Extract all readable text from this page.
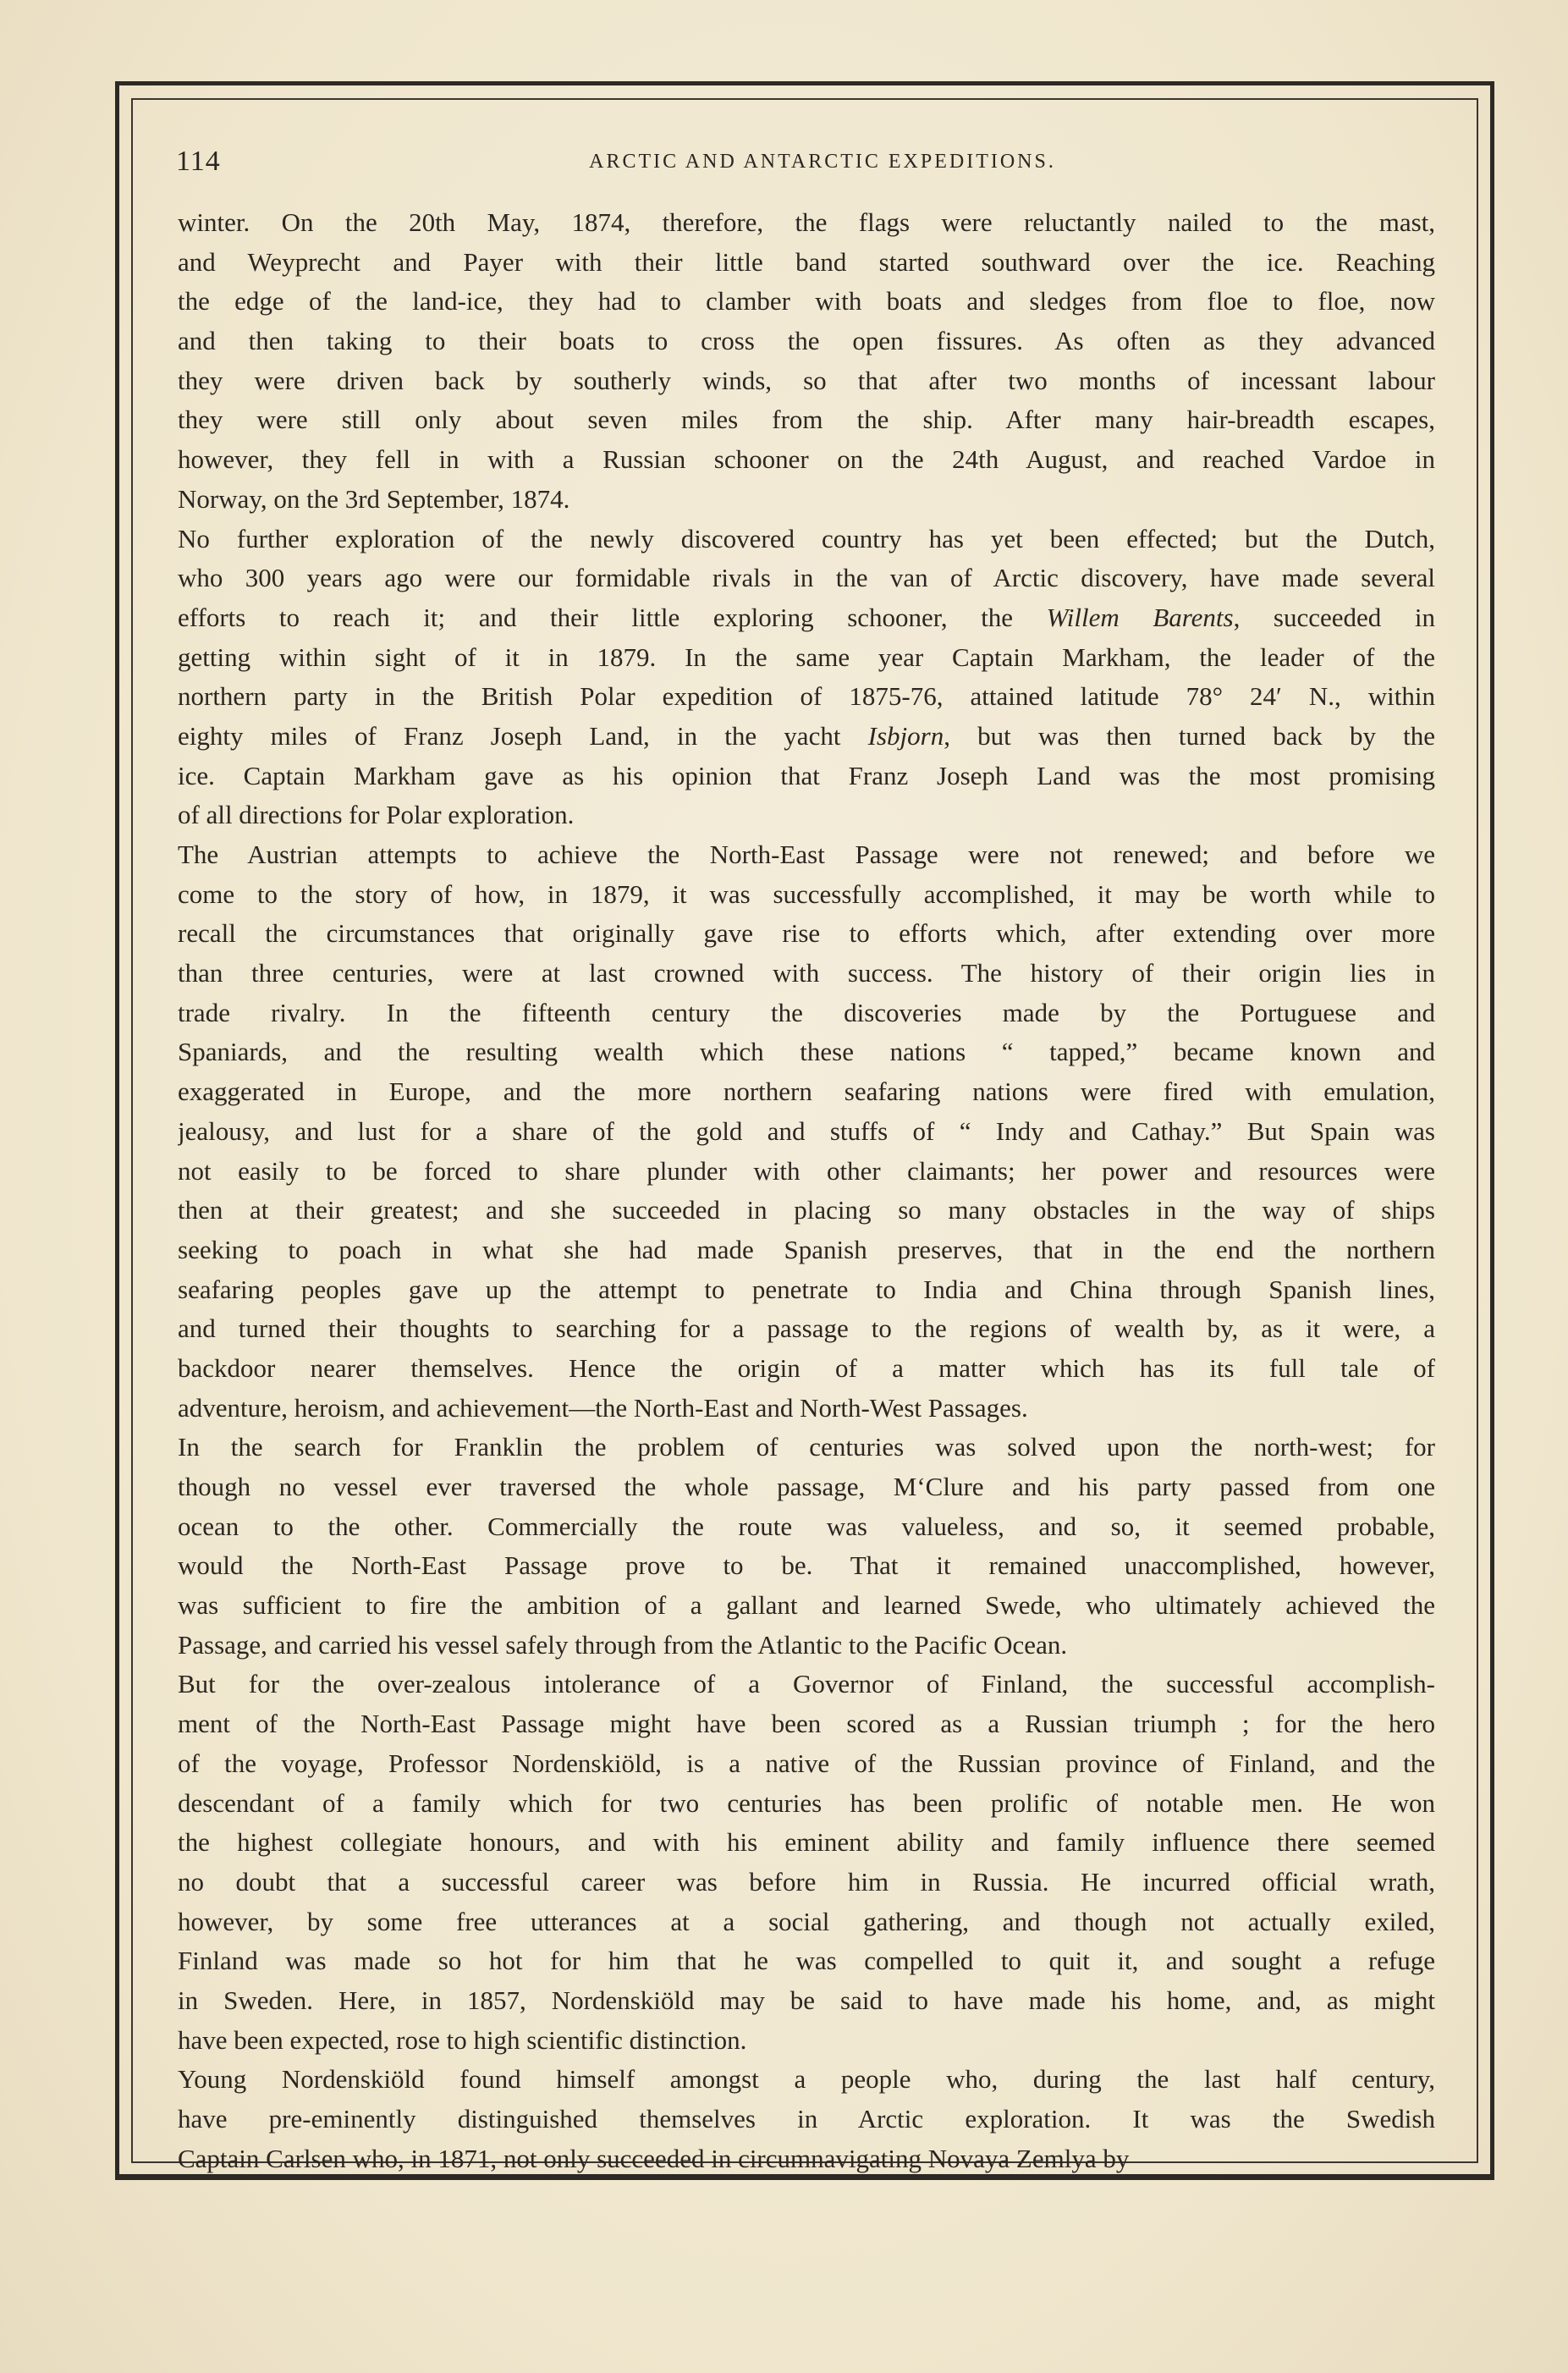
114	ARCTIC AND ANTARCTIC EXPEDITIONS.
winter. On the 20th May, 1874, therefore, the flags were reluctantly nailed to the mast,
and Weyprecht and Payer with their little band started southward over the ice. Reaching
the edge of the land-ice, they had to clamber with boats and sledges from floe to floe, now
and then taking to their boats to cross the open fissures. As often as they advanced
they were driven back by southerly winds, so that after two months of incessant labour
they were still only about seven miles from the ship. After many hair-breadth escapes,
however, they fell in with a Russian schooner on the 24th August, and reached Vardoe in
Norway, on the 3rd September, 1874.
No further exploration of the newly discovered country has yet been effected; but the Dutch,
who 300 years ago were our formidable rivals in the van of Arctic discovery, have made several
efforts to reach it; and their little exploring schooner, the Willem Barents, succeeded in
getting within sight of it in 1879. In the same year Captain Markham, the leader of the
northern party in the British Polar expedition of 1875-76, attained latitude 78° 24′ N., within
eighty miles of Franz Joseph Land, in the yacht Isbjorn, but was then turned back by the
ice. Captain Markham gave as his opinion that Franz Joseph Land was the most promising
of all directions for Polar exploration.
The Austrian attempts to achieve the North-East Passage were not renewed; and before we
come to the story of how, in 1879, it was successfully accomplished, it may be worth while to
recall the circumstances that originally gave rise to efforts which, after extending over more
than three centuries, were at last crowned with success. The history of their origin lies in
trade rivalry. In the fifteenth century the discoveries made by the Portuguese and
Spaniards, and the resulting wealth which these nations “ tapped,” became known and
exaggerated in Europe, and the more northern seafaring nations were fired with emulation,
jealousy, and lust for a share of the gold and stuffs of “ Indy and Cathay.” But Spain was
not easily to be forced to share plunder with other claimants; her power and resources were
then at their greatest; and she succeeded in placing so many obstacles in the way of ships
seeking to poach in what she had made Spanish preserves, that in the end the northern
seafaring peoples gave up the attempt to penetrate to India and China through Spanish lines,
and turned their thoughts to searching for a passage to the regions of wealth by, as it were, a
backdoor nearer themselves. Hence the origin of a matter which has its full tale of
adventure, heroism, and achievement—the North-East and North-West Passages.
In the search for Franklin the problem of centuries was solved upon the north-west; for
though no vessel ever traversed the whole passage, M‘Clure and his party passed from one
ocean to the other. Commercially the route was valueless, and so, it seemed probable,
would the North-East Passage prove to be. That it remained unaccomplished, however,
was sufficient to fire the ambition of a gallant and learned Swede, who ultimately achieved the
Passage, and carried his vessel safely through from the Atlantic to the Pacific Ocean.
But for the over-zealous intolerance of a Governor of Finland, the successful accomplish-
ment of the North-East Passage might have been scored as a Russian triumph ; for the hero
of the voyage, Professor Nordenskiöld, is a native of the Russian province of Finland, and the
descendant of a family which for two centuries has been prolific of notable men. He won
the highest collegiate honours, and with his eminent ability and family influence there seemed
no doubt that a successful career was before him in Russia. He incurred official wrath,
however, by some free utterances at a social gathering, and though not actually exiled,
Finland was made so hot for him that he was compelled to quit it, and sought a refuge
in Sweden. Here, in 1857, Nordenskiöld may be said to have made his home, and, as might
have been expected, rose to high scientific distinction.
Young Nordenskiöld found himself amongst a people who, during the last half century,
have pre-eminently distinguished themselves in Arctic exploration. It was the Swedish
Captain Carlsen who, in 1871, not only succeeded in circumnavigating Novaya Zemlya by
